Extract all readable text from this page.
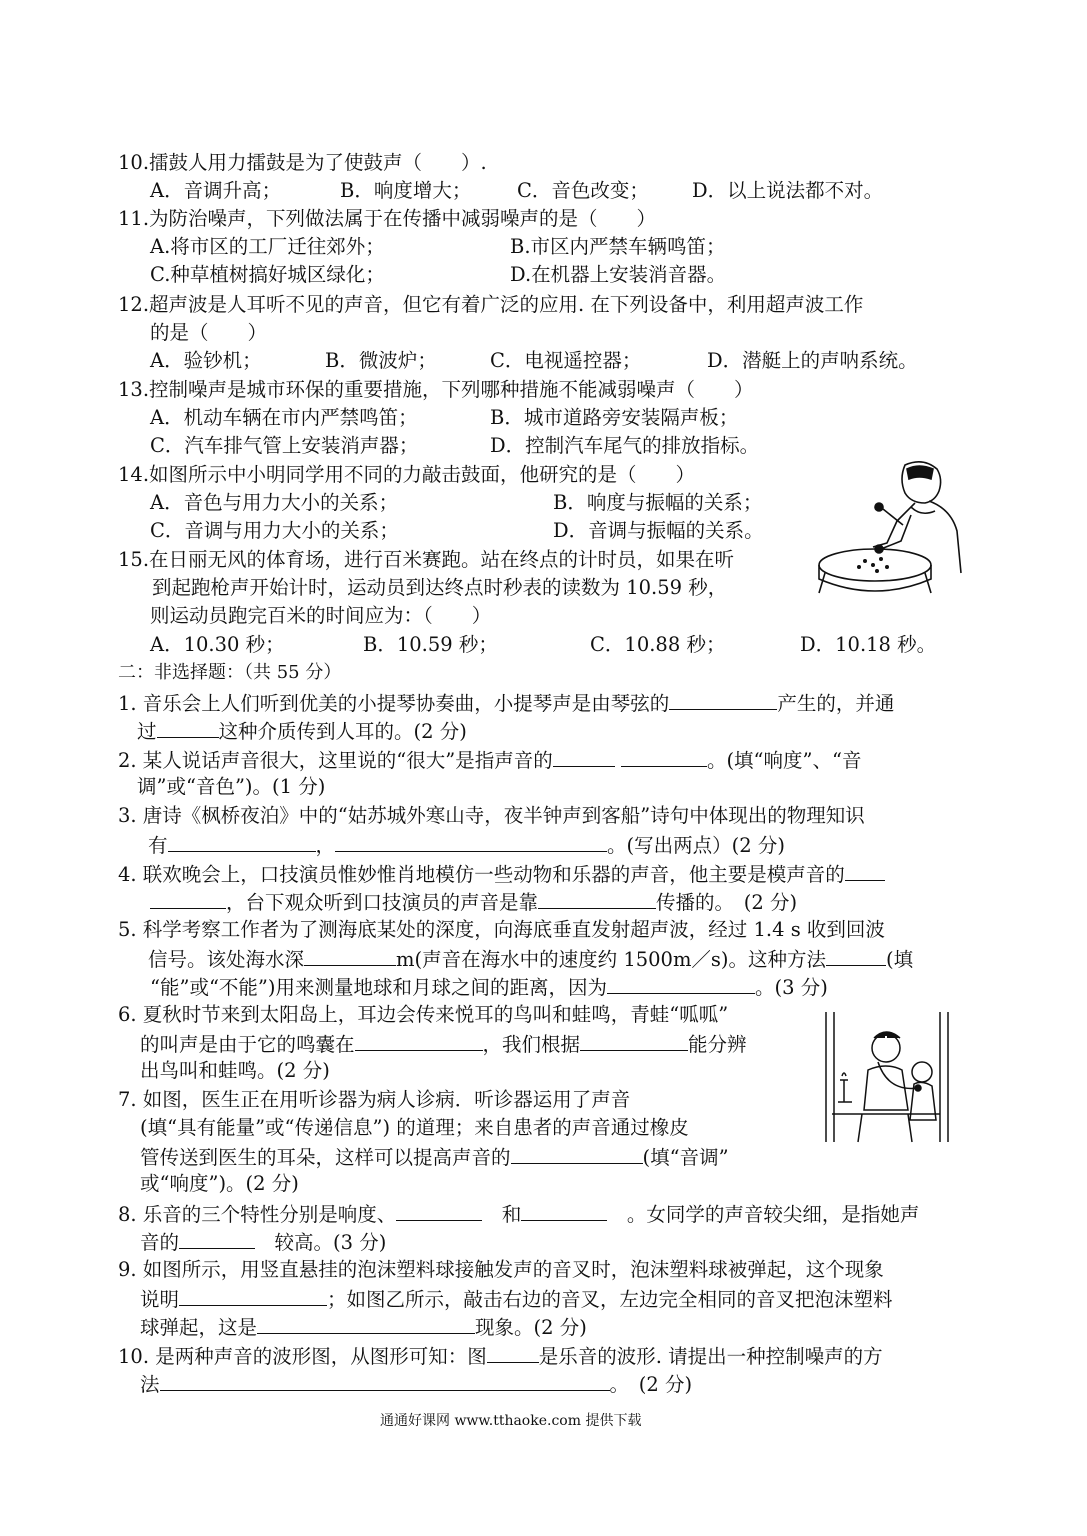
10.擂鼓人用力擂鼓是为了使鼓声（　　）.
A．音调升高；	B．响度增大； C．音色改变； D．以上说法都不对。
11.为防治噪声，下列做法属于在传播中减弱噪声的是（　　）
A.将市区的工厂迁往郊外；	B.市区内严禁车辆鸣笛；
C.种草植树搞好城区绿化；	D.在机器上安装消音器。
12.超声波是人耳听不见的声音，但它有着广泛的应用. 在下列设备中，利用超声波工作
的是（　　）
A．验钞机；	B．微波炉；	C．电视遥控器；	D．潜艇上的声呐系统。
13.控制噪声是城市环保的重要措施，下列哪种措施不能减弱噪声（　　）
A．机动车辆在市内严禁鸣笛；	B．城市道路旁安装隔声板；
C．汽车排气管上安装消声器；	D．控制汽车尾气的排放指标。
14.如图所示中小明同学用不同的力敲击鼓面，他研究的是（　　）
A．音色与用力大小的关系；	B．响度与振幅的关系；
C．音调与用力大小的关系；	D．音调与振幅的关系。
15.在日丽无风的体育场，进行百米赛跑。站在终点的计时员，如果在听
到起跑枪声开始计时，运动员到达终点时秒表的读数为 10.59 秒，
则运动员跑完百米的时间应为：（　　）
A．10.30 秒；	B．10.59 秒；	C．10.88 秒；	D．10.18 秒。
二：非选择题：（共 55 分）
1. 音乐会上人们听到优美的小提琴协奏曲，小提琴声是由琴弦的	产生的，并通
过	这种介质传到人耳的。(2 分)
2. 某人说话声音很大，这里说的“很大”是指声音的	。(填“响度”、“音
调”或“音色”)。(1 分)
3. 唐诗《枫桥夜泊》中的“姑苏城外寒山寺，夜半钟声到客船”诗句中体现出的物理知识
有	，	。(写出两点）(2 分)
4. 联欢晚会上，口技演员惟妙惟肖地模仿一些动物和乐器的声音，他主要是模声音的
，台下观众听到口技演员的声音是靠	传播的。　(2 分)
5. 科学考察工作者为了测海底某处的深度，向海底垂直发射超声波，经过 1.4 s 收到回波
信号。该处海水深	m(声音在海水中的速度约 1500m／s)。这种方法	(填
“能”或“不能”)用来测量地球和月球之间的距离，因为	。(3 分)
6. 夏秋时节来到太阳岛上，耳边会传来悦耳的鸟叫和蛙鸣，青蛙“呱呱”
的叫声是由于它的鸣囊在	，我们根据	能分辨
出鸟叫和蛙鸣。(2 分)
7. 如图，医生正在用听诊器为病人诊病．听诊器运用了声音
(填“具有能量”或“传递信息”) 的道理；来自患者的声音通过橡皮
管传送到医生的耳朵，这样可以提高声音的	(填“音调”
或“响度”)。(2 分)
8. 乐音的三个特性分别是响度、　	和　	。女同学的声音较尖细，是指她声
音的　	较高。(3 分)
9. 如图所示，用竖直悬挂的泡沫塑料球接触发声的音叉时，泡沫塑料球被弹起，这个现象
说明	；如图乙所示，敲击右边的音叉，左边完全相同的音叉把泡沫塑料
球弹起，这是	现象。(2 分)
10. 是两种声音的波形图，从图形可知：图	是乐音的波形. 请提出一种控制噪声的方
法	。　(2 分)
通通好课网 www.tthaoke.com 提供下载
